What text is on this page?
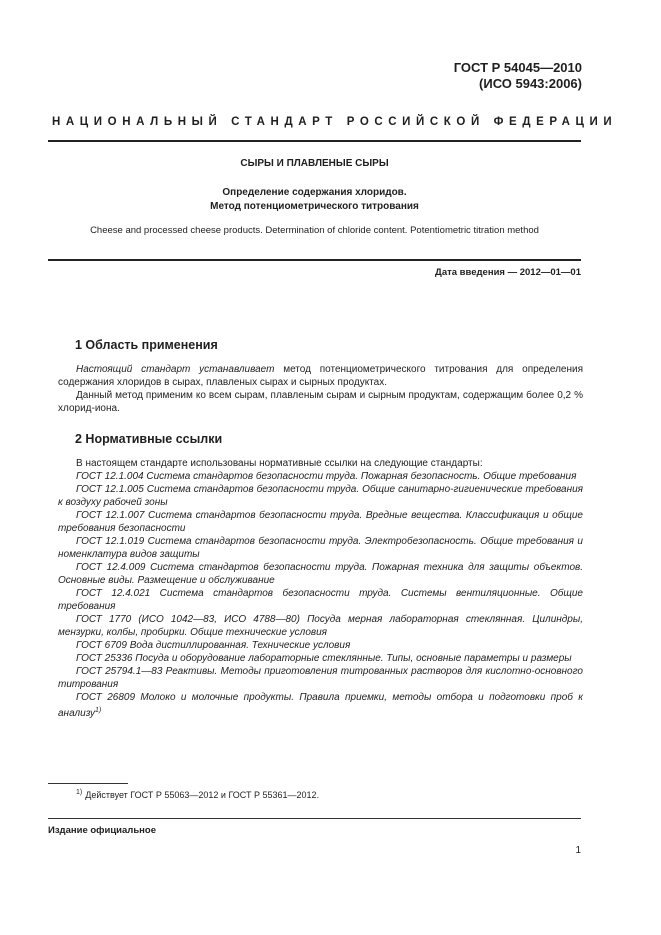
ГОСТ Р 54045—2010
(ИСО 5943:2006)
НАЦИОНАЛЬНЫЙ СТАНДАРТ РОССИЙСКОЙ ФЕДЕРАЦИИ
СЫРЫ И ПЛАВЛЕНЫЕ СЫРЫ
Определение содержания хлоридов.
Метод потенциометрического титрования
Cheese and processed cheese products. Determination of chloride content. Potentiometric titration method
Дата введения — 2012—01—01
1 Область применения

Настоящий стандарт устанавливает метод потенциометрического титрования для определения содержания хлоридов в сырах, плавленых сырах и сырных продуктах.

Данный метод применим ко всем сырам, плавленым сырам и сырным продуктам, содержащим более 0,2 % хлорид-иона.

2 Нормативные ссылки

В настоящем стандарте использованы нормативные ссылки на следующие стандарты:

ГОСТ 12.1.004 Система стандартов безопасности труда. Пожарная безопасность. Общие требования

ГОСТ 12.1.005 Система стандартов безопасности труда. Общие санитарно-гигиенические требования к воздуху рабочей зоны

ГОСТ 12.1.007 Система стандартов безопасности труда. Вредные вещества. Классификация и общие требования безопасности

ГОСТ 12.1.019 Система стандартов безопасности труда. Электробезопасность. Общие требования и номенклатура видов защиты

ГОСТ 12.4.009 Система стандартов безопасности труда. Пожарная техника для защиты объектов. Основные виды. Размещение и обслуживание

ГОСТ 12.4.021 Система стандартов безопасности труда. Системы вентиляционные. Общие требования

ГОСТ 1770 (ИСО 1042—83, ИСО 4788—80) Посуда мерная лабораторная стеклянная. Цилиндры, мензурки, колбы, пробирки. Общие технические условия

ГОСТ 6709 Вода дистиллированная. Технические условия

ГОСТ 25336 Посуда и оборудование лабораторные стеклянные. Типы, основные параметры и размеры

ГОСТ 25794.1—83 Реактивы. Методы приготовления титрованных растворов для кислотно-основного титрования

ГОСТ 26809 Молоко и молочные продукты. Правила приемки, методы отбора и подготовки проб к анализу$^{1)}$

$^{1)}$ Действует ГОСТ Р 55063—2012 и ГОСТ Р 55361—2012.
Издание официальное
1
